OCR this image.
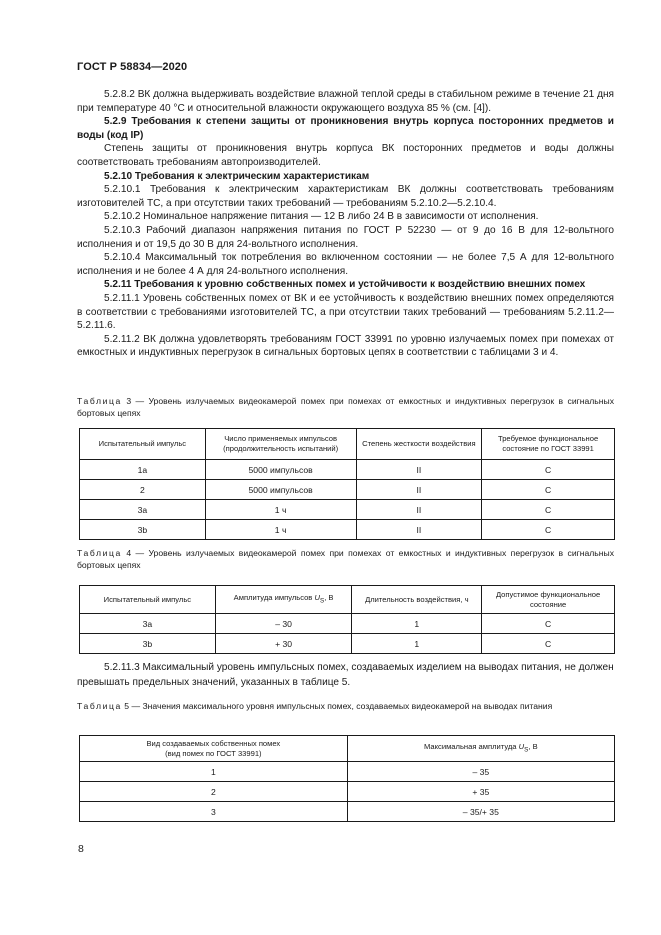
ГОСТ Р 58834—2020

5.2.8.2 ВК должна выдерживать воздействие влажной теплой среды в стабильном режиме в течение 21 дня при температуре 40 °С и относительной влажности окружающего воздуха 85 % (см. [4]).

5.2.9 Требования к степени защиты от проникновения внутрь корпуса посторонних предметов и воды (код IP)

Степень защиты от проникновения внутрь корпуса ВК посторонних предметов и воды должны соответствовать требованиям автопроизводителей.

5.2.10 Требования к электрическим характеристикам

5.2.10.1 Требования к электрическим характеристикам ВК должны соответствовать требованиям изготовителей ТС, а при отсутствии таких требований — требованиям 5.2.10.2—5.2.10.4.

5.2.10.2 Номинальное напряжение питания — 12 В либо 24 В в зависимости от исполнения.

5.2.10.3 Рабочий диапазон напряжения питания по ГОСТ Р 52230 — от 9 до 16 В для 12-вольтного исполнения и от 19,5 до 30 В для 24-вольтного исполнения.

5.2.10.4 Максимальный ток потребления во включенном состоянии — не более 7,5 А для 12-вольтного исполнения и не более 4 А для 24-вольтного исполнения.

5.2.11 Требования к уровню собственных помех и устойчивости к воздействию внешних помех

5.2.11.1 Уровень собственных помех от ВК и ее устойчивость к воздействию внешних помех определяются в соответствии с требованиями изготовителей ТС, а при отсутствии таких требований — требованиям 5.2.11.2—5.2.11.6.

5.2.11.2 ВК должна удовлетворять требованиям ГОСТ 33991 по уровню излучаемых помех при помехах от емкостных и индуктивных перегрузок в сигнальных бортовых цепях в соответствии с таблицами 3 и 4.

Таблица 3 — Уровень излучаемых видеокамерой помех при помехах от емкостных и индуктивных перегрузок в сигнальных бортовых цепях
Испытательный импульс	Число применяемых импульсов (продолжительность испытаний)	Степень жесткости воздействия	Требуемое функциональное состояние по ГОСТ 33991
1а	5000 импульсов	II	С
2	5000 импульсов	II	С
3а	1 ч	II	С
3b	1 ч	II	С
Таблица 4 — Уровень излучаемых видеокамерой помех при помехах от емкостных и индуктивных перегрузок в сигнальных бортовых цепях
Испытательный импульс	Амплитуда импульсов $U_S$, В	Длительность воздействия, ч	Допустимое функциональное состояние
3а	– 30	1	С
3b	+ 30	1	С
5.2.11.3 Максимальный уровень импульсных помех, создаваемых изделием на выводах питания, не должен превышать предельных значений, указанных в таблице 5.
Таблица 5 — Значения максимального уровня импульсных помех, создаваемых видеокамерой на выводах питания
Вид создаваемых собственных помех (вид помех по ГОСТ 33991)	Максимальная амплитуда $U_S$, В
1	– 35
2	+ 35
3	– 35/+ 35
8
